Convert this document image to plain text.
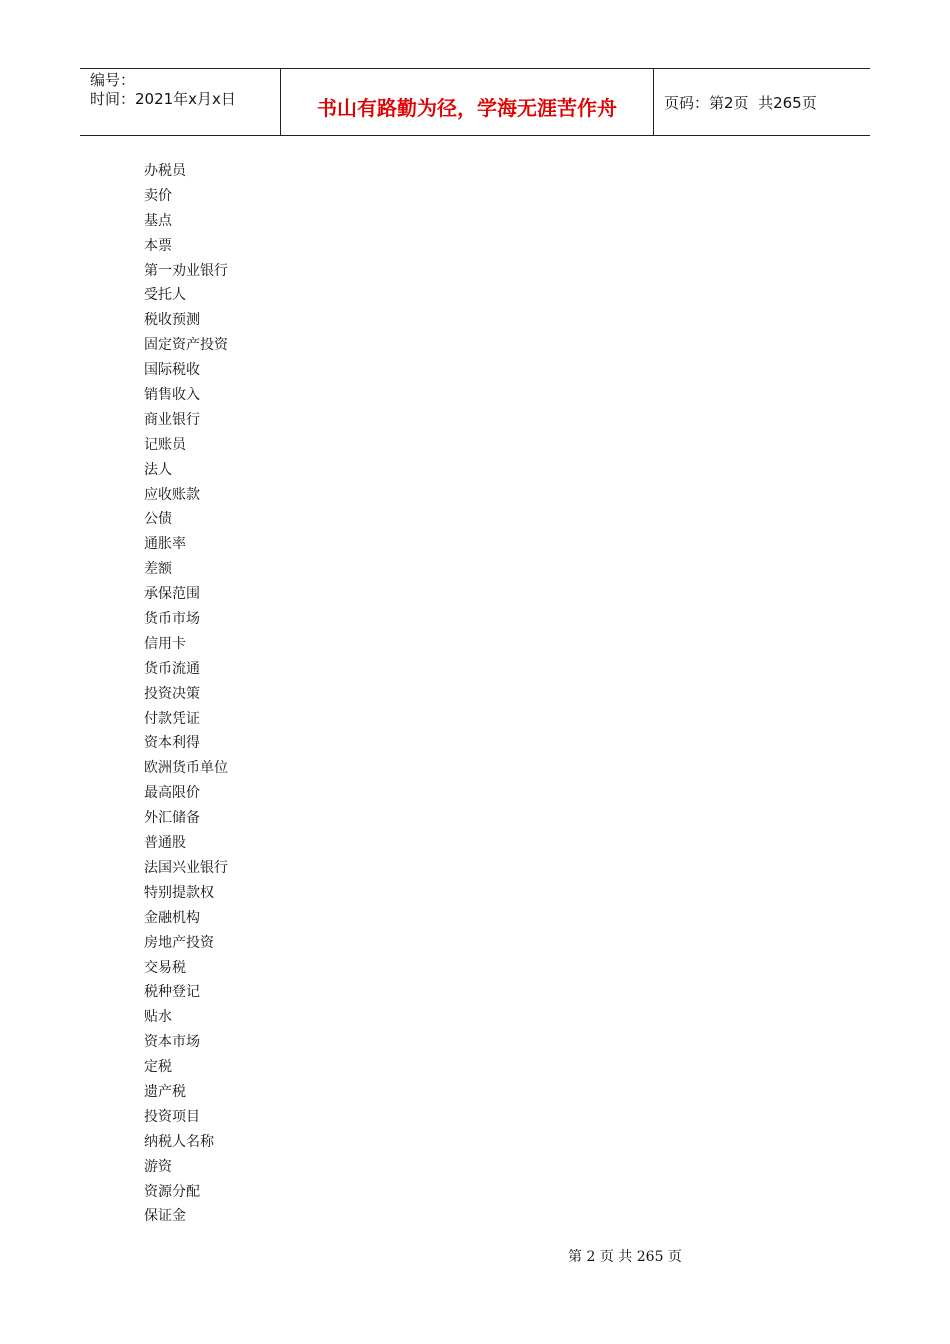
编号：
时间：2021年x月x日	书山有路勤为径，学海无涯苦作舟	页码：第2页  共265页
办税员
卖价
基点
本票
第一劝业银行
受托人
税收预测
固定资产投资
国际税收
销售收入
商业银行
记账员
法人
应收账款
公债
通胀率
差额
承保范围
货币市场
信用卡
货币流通
投资决策
付款凭证
资本利得
欧洲货币单位
最高限价
外汇储备
普通股
法国兴业银行
特别提款权
金融机构
房地产投资
交易税
税种登记
贴水
资本市场
定税
遗产税
投资项目
纳税人名称
游资
资源分配
保证金
第 2 页 共 265 页
